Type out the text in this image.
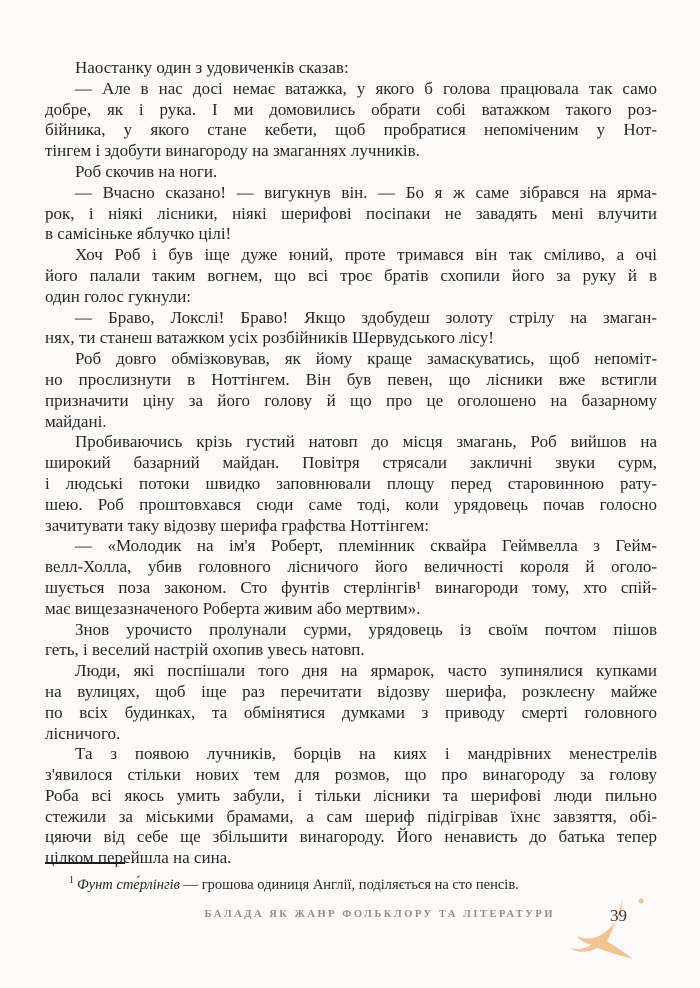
Наостанку один з удовиченків сказав:
— Але в нас досі немає ватажка, у якого б голова працювала так само
добре, як і рука. І ми домовились обрати собі ватажком такого роз-
бійника, у якого стане кебети, щоб пробратися непоміченим у Нот-
тінгем і здобути винагороду на змаганнях лучників.
Роб скочив на ноги.
— Вчасно сказано! — вигукнув він. — Бо я ж саме зібрався на ярма-
рок, і ніякі лісники, ніякі шерифові посіпаки не завадять мені влучити
в самісіньке яблучко цілі!
Хоч Роб і був іще дуже юний, проте тримався він так сміливо, а очі
його палали таким вогнем, що всі троє братів схопили його за руку й в
один голос гукнули:
— Браво, Локслі! Браво! Якщо здобудеш золоту стрілу на змаган-
нях, ти станеш ватажком усіх розбійників Шервудського лісу!
Роб довго обмізковував, як йому краще замаскуватись, щоб непоміт-
но прослизнути в Ноттінгем. Він був певен, що лісники вже встигли
призначити ціну за його голову й що про це оголошено на базарному
майдані.
Пробиваючись крізь густий натовп до місця змагань, Роб вийшов на
широкий базарний майдан. Повітря стрясали закличні звуки сурм,
і людські потоки швидко заповнювали площу перед старовинною рату-
шею. Роб проштовхався сюди саме тоді, коли урядовець почав голосно
зачитувати таку відозву шерифа графства Ноттінгем:
— «Молодик на ім'я Роберт, племінник сквайра Геймвелла з Гейм-
велл-Холла, убив головного лісничого його величності короля й оголо-
шується поза законом. Сто фунтів стерлінгів¹ винагороди тому, хто спій-
має вищезазначеного Роберта живим або мертвим».
Знов урочисто пролунали сурми, урядовець із своїм почтом пішов
геть, і веселий настрій охопив увесь натовп.
Люди, які поспішали того дня на ярмарок, часто зупинялися купками
на вулицях, щоб іще раз перечитати відозву шерифа, розклеєну майже
по всіх будинках, та обмінятися думками з приводу смерті головного
лісничого.
Та з появою лучників, борців на киях і мандрівних менестрелів
з'явилося стільки нових тем для розмов, що про винагороду за голову
Роба всі якось умить забули, і тільки лісники та шерифові люди пильно
стежили за міськими брамами, а сам шериф підігрівав їхнє завзяття, обі-
цяючи від себе ще збільшити винагороду. Його ненависть до батька тепер
цілком перейшла на сина.
$^1$ Фунт сте́рлінгів — грошова одиниця Англії, поділяється на сто пенсів.
БАЛАДА ЯК ЖАНР ФОЛЬКЛОРУ ТА ЛІТЕРАТУРИ	39
